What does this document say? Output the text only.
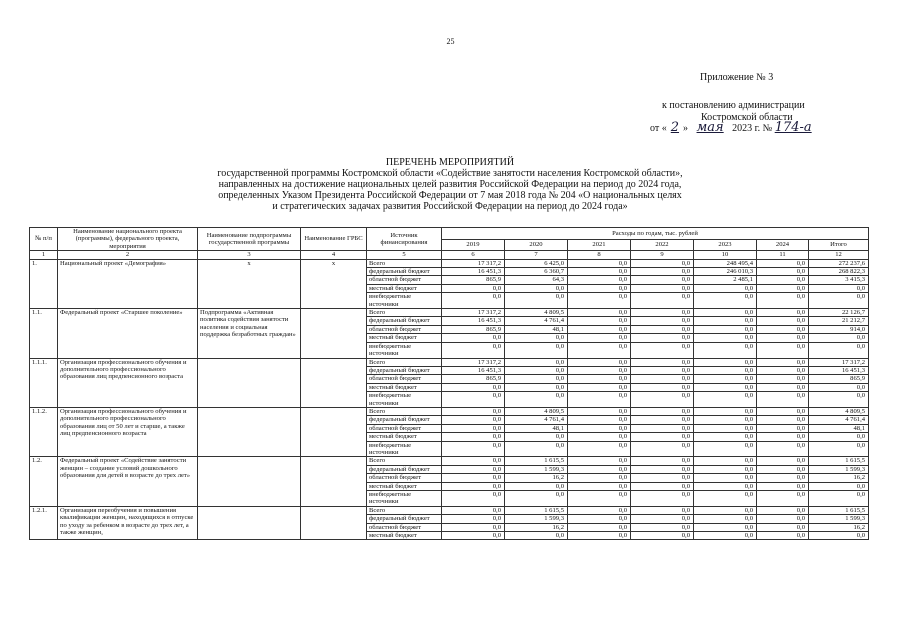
25
Приложение № 3
к постановлению администрации
Костромской области
от « 2 » мая 2023 г. № 174-а
ПЕРЕЧЕНЬ МЕРОПРИЯТИЙ
государственной программы Костромской области «Содействие занятости населения Костромской области»,
направленных на достижение национальных целей развития Российской Федерации на период до 2024 года,
определенных Указом Президента Российской Федерации от 7 мая 2018 года № 204 «О национальных целях
и стратегических задачах развития Российской Федерации на период до 2024 года»
№ п/п	Наименование национального проекта (программы), федерального проекта, мероприятия	Наименование подпрограммы государственной программы	Наименование ГРБС	Источник финансирования	Расходы по годам, тыс. рублей						
					2019	2020	2021	2022	2023	2024	Итого
1	2	3	4	5	6	7	8	9	10	11	12
1.	Национальный проект «Демография»	х	х	Всего	17 317,2	6 425,0	0,0	0,0	248 495,4	0,0	272 237,6
				федеральный бюджет	16 451,3	6 360,7	0,0	0,0	246 010,3	0,0	268 822,3
				областной бюджет	865,9	64,3	0,0	0,0	2 485,1	0,0	3 415,3
				местный бюджет	0,0	0,0	0,0	0,0	0,0	0,0	0,0
				внебюджетные источники	0,0	0,0	0,0	0,0	0,0	0,0	0,0
1.1.	Федеральный проект «Старшее поколение»	Подпрограмма «Активная политика содействия занятости населения и социальная поддержка безработных граждан»		Всего	17 317,2	4 809,5	0,0	0,0	0,0	0,0	22 126,7
				федеральный бюджет	16 451,3	4 761,4	0,0	0,0	0,0	0,0	21 212,7
				областной бюджет	865,9	48,1	0,0	0,0	0,0	0,0	914,0
				местный бюджет	0,0	0,0	0,0	0,0	0,0	0,0	0,0
				внебюджетные источники	0,0	0,0	0,0	0,0	0,0	0,0	0,0
1.1.1.	Организация профессионального обучения и дополнительного профессионального образования лиц предпенсионного возраста			Всего	17 317,2	0,0	0,0	0,0	0,0	0,0	17 317,2
				федеральный бюджет	16 451,3	0,0	0,0	0,0	0,0	0,0	16 451,3
				областной бюджет	865,9	0,0	0,0	0,0	0,0	0,0	865,9
				местный бюджет	0,0	0,0	0,0	0,0	0,0	0,0	0,0
				внебюджетные источники	0,0	0,0	0,0	0,0	0,0	0,0	0,0
1.1.2.	Организация профессионального обучения и дополнительного профессионального образования лиц от 50 лет и старше, а также лиц предпенсионного возраста			Всего	0,0	4 809,5	0,0	0,0	0,0	0,0	4 809,5
				федеральный бюджет	0,0	4 761,4	0,0	0,0	0,0	0,0	4 761,4
				областной бюджет	0,0	48,1	0,0	0,0	0,0	0,0	48,1
				местный бюджет	0,0	0,0	0,0	0,0	0,0	0,0	0,0
				внебюджетные источники	0,0	0,0	0,0	0,0	0,0	0,0	0,0
1.2.	Федеральный проект «Содействие занятости женщин – создание условий дошкольного образования для детей в возрасте до трех лет»			Всего	0,0	1 615,5	0,0	0,0	0,0	0,0	1 615,5
				федеральный бюджет	0,0	1 599,3	0,0	0,0	0,0	0,0	1 599,3
				областной бюджет	0,0	16,2	0,0	0,0	0,0	0,0	16,2
				местный бюджет	0,0	0,0	0,0	0,0	0,0	0,0	0,0
				внебюджетные источники	0,0	0,0	0,0	0,0	0,0	0,0	0,0
1.2.1.	Организация переобучения и повышения квалификации женщин, находящихся в отпуске по уходу за ребенком в возрасте до трех лет, а также женщин,			Всего	0,0	1 615,5	0,0	0,0	0,0	0,0	1 615,5
				федеральный бюджет	0,0	1 599,3	0,0	0,0	0,0	0,0	1 599,3
				областной бюджет	0,0	16,2	0,0	0,0	0,0	0,0	16,2
				местный бюджет	0,0	0,0	0,0	0,0	0,0	0,0	0,0
